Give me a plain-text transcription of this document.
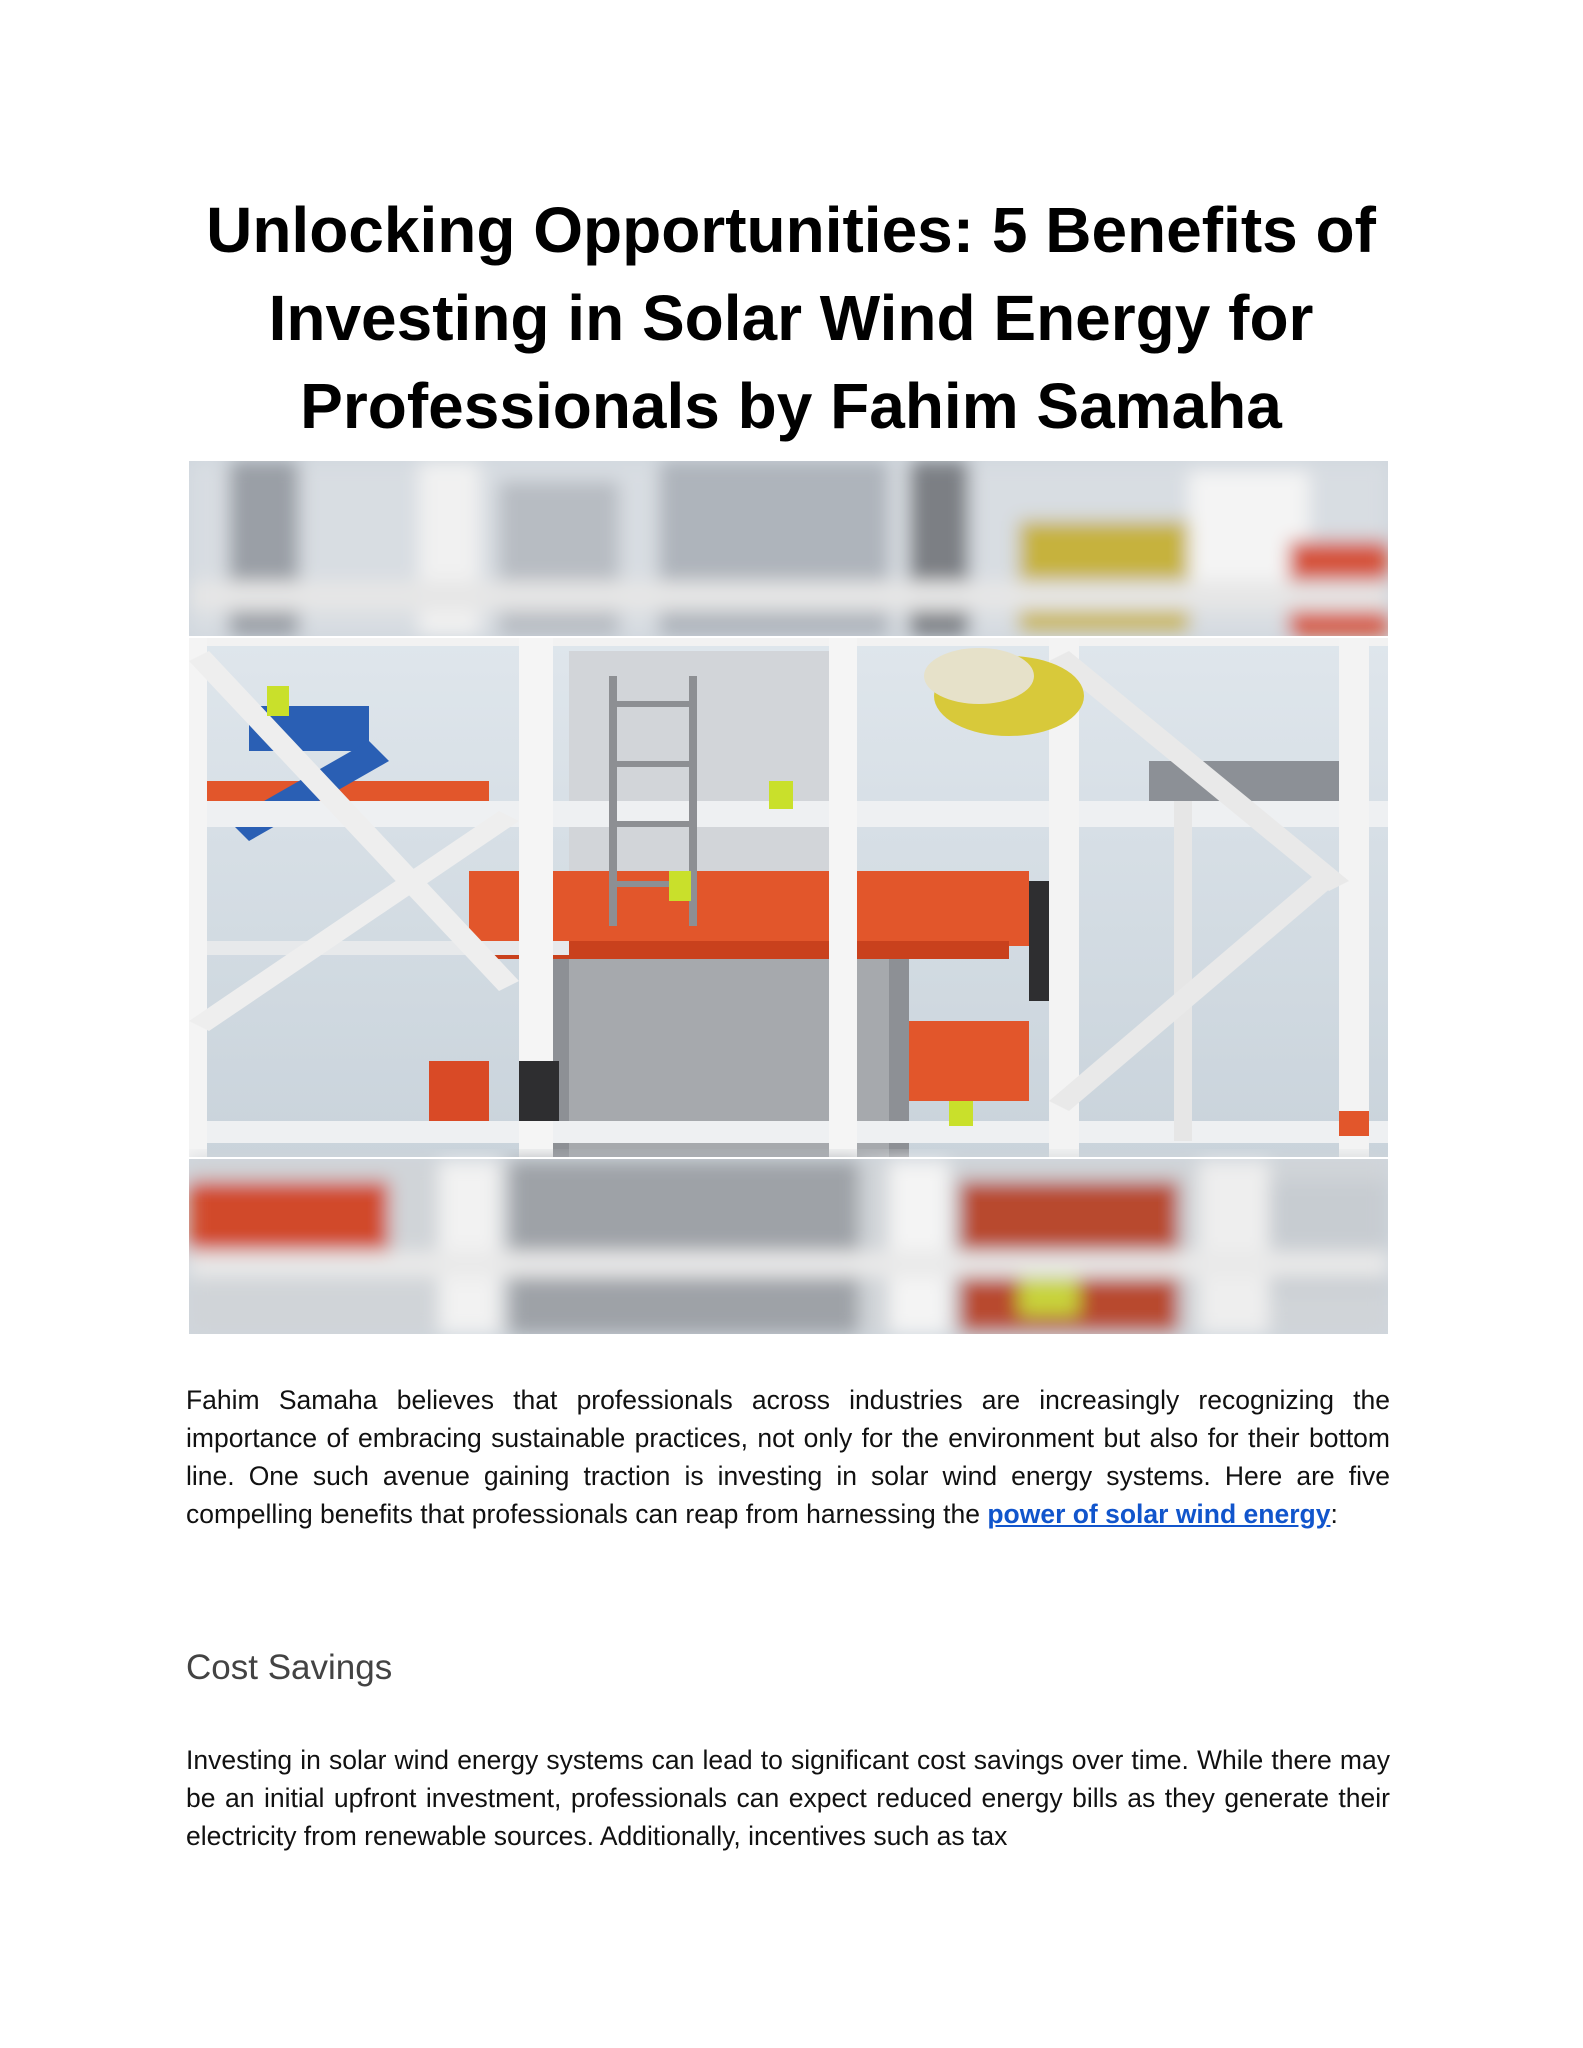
Unlocking Opportunities: 5 Benefits of Investing in Solar Wind Energy for Professionals by Fahim Samaha

Fahim Samaha believes that professionals across industries are increasingly recognizing the importance of embracing sustainable practices, not only for the environment but also for their bottom line. One such avenue gaining traction is investing in solar wind energy systems. Here are five compelling benefits that professionals can reap from harnessing the power of solar wind energy:

Cost Savings

Investing in solar wind energy systems can lead to significant cost savings over time. While there may be an initial upfront investment, professionals can expect reduced energy bills as they generate their electricity from renewable sources. Additionally, incentives such as tax
